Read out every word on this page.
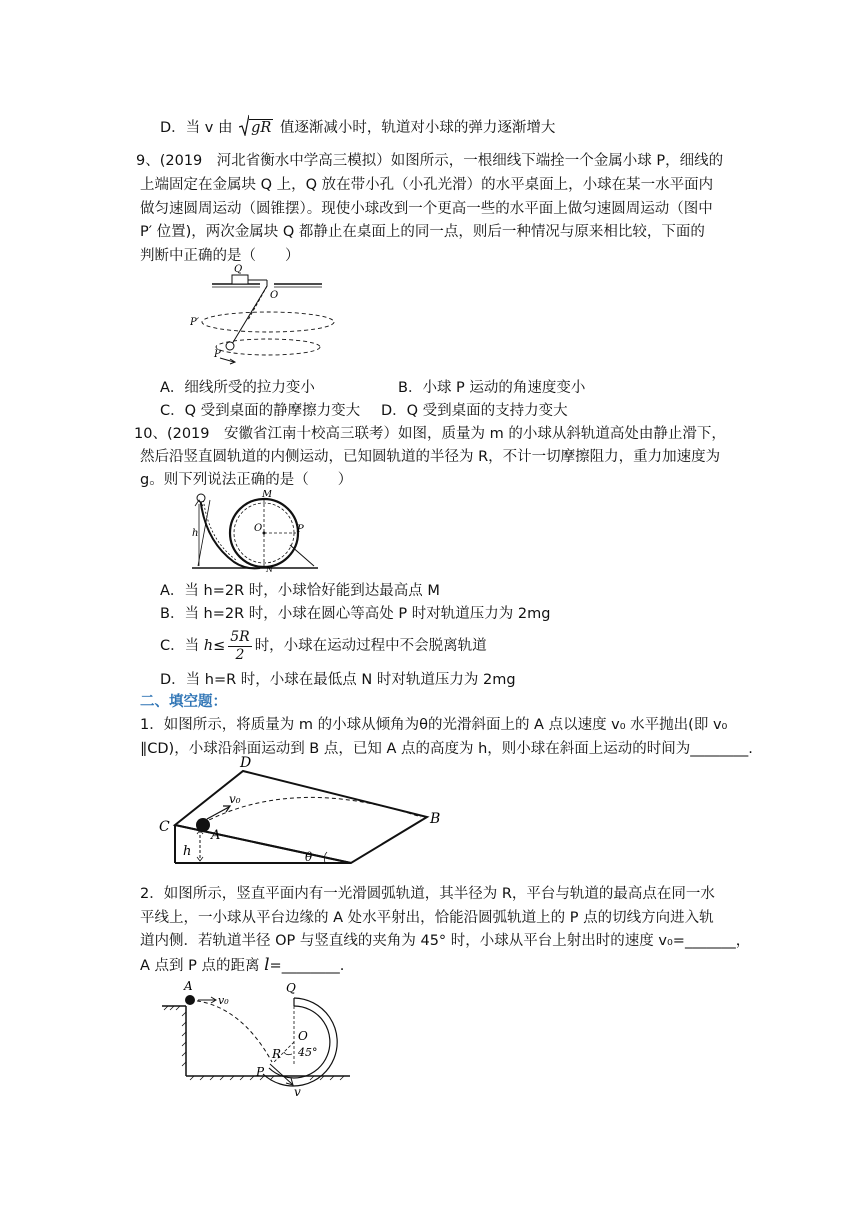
D．当 v 由 gR 值逐渐减小时，轨道对小球的弹力逐渐增大
9、(2019　河北省衡水中学高三模拟）如图所示，一根细线下端拴一个金属小球 P，细线的
上端固定在金属块 Q 上，Q 放在带小孔（小孔光滑）的水平桌面上，小球在某一水平面内
做匀速圆周运动（圆锥摆）。现使小球改到一个更高一些的水平面上做匀速圆周运动（图中
P′ 位置)，两次金属块 Q 都静止在桌面上的同一点，则后一种情况与原来相比较，下面的
判断中正确的是（　　）
Q
O
P′
P
A．细线所受的拉力变小	B．小球 P 运动的角速度变小
C．Q 受到桌面的静摩擦力变大 D．Q 受到桌面的支持力变大
10、(2019　安徽省江南十校高三联考）如图，质量为 m 的小球从斜轨道高处由静止滑下，
然后沿竖直圆轨道的内侧运动，已知圆轨道的半径为 R，不计一切摩擦阻力，重力加速度为
g。则下列说法正确的是（　　）
h
M
O	P
N
A．当 h=2R 时，小球恰好能到达最高点 M
B．当 h=2R 时，小球在圆心等高处 P 时对轨道压力为 2mg
C．当 $h\le \frac{5R}{2}$ 时，小球在运动过程中不会脱离轨道
D．当 h=R 时，小球在最低点 N 时对轨道压力为 2mg
二、填空题：
1．如图所示，将质量为 m 的小球从倾角为θ的光滑斜面上的 A 点以速度 v₀ 水平抛出(即 v₀
∥CD)，小球沿斜面运动到 B 点，已知 A 点的高度为 h，则小球在斜面上运动的时间为________.
D
C
A
B
h
v₀
θ
2．如图所示，竖直平面内有一光滑圆弧轨道，其半径为 R，平台与轨道的最高点在同一水
平线上，一小球从平台边缘的 A 处水平射出，恰能沿圆弧轨道上的 P 点的切线方向进入轨
道内侧．若轨道半径 OP 与竖直线的夹角为 45° 时，小球从平台上射出时的速度 v₀=_______，
A 点到 P 点的距离 l=________.
A
v₀
Q
O
R
P
45°
v
